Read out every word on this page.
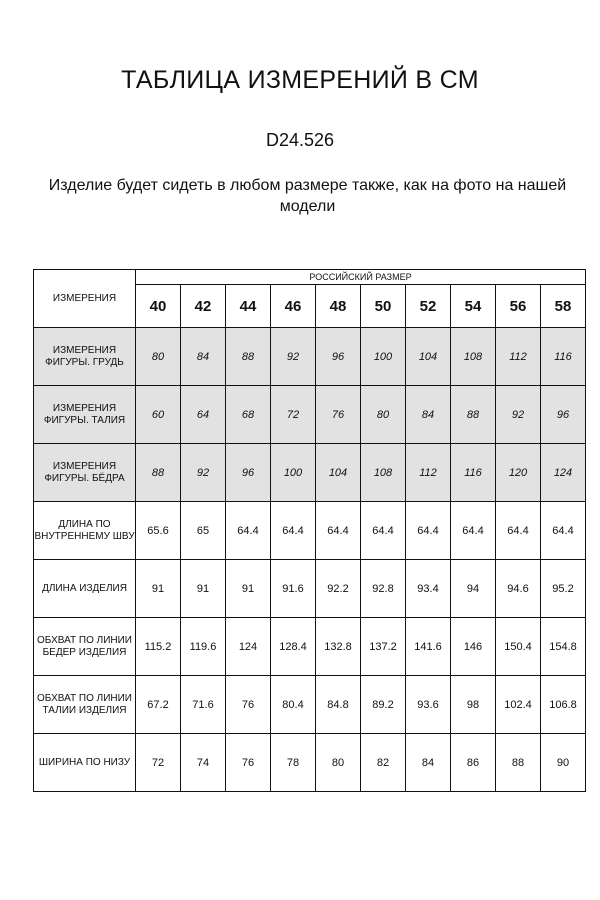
ТАБЛИЦА ИЗМЕРЕНИЙ В СМ
D24.526
Изделие будет сидеть в любом размере также, как на фото на нашей модели
ИЗМЕРЕНИЯ	РОССИЙСКИЙ РАЗМЕР									
	40	42	44	46	48	50	52	54	56	58
ИЗМЕРЕНИЯ ФИГУРЫ. ГРУДЬ	80	84	88	92	96	100	104	108	112	116
ИЗМЕРЕНИЯ ФИГУРЫ. ТАЛИЯ	60	64	68	72	76	80	84	88	92	96
ИЗМЕРЕНИЯ ФИГУРЫ. БЁДРА	88	92	96	100	104	108	112	116	120	124
ДЛИНА ПО ВНУТРЕННЕМУ ШВУ	65.6	65	64.4	64.4	64.4	64.4	64.4	64.4	64.4	64.4
ДЛИНА ИЗДЕЛИЯ	91	91	91	91.6	92.2	92.8	93.4	94	94.6	95.2
ОБХВАТ ПО ЛИНИИ БЕДЕР ИЗДЕЛИЯ	115.2	119.6	124	128.4	132.8	137.2	141.6	146	150.4	154.8
ОБХВАТ ПО ЛИНИИ ТАЛИИ ИЗДЕЛИЯ	67.2	71.6	76	80.4	84.8	89.2	93.6	98	102.4	106.8
ШИРИНА ПО НИЗУ	72	74	76	78	80	82	84	86	88	90
